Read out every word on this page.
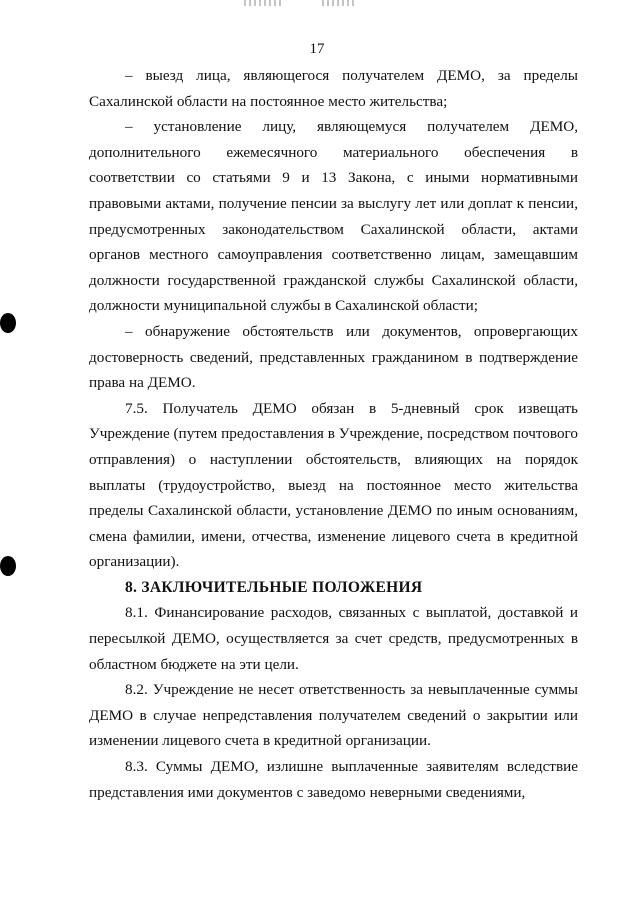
17

– выезд лица, являющегося получателем ДЕМО, за пределы Сахалинской области на постоянное место жительства;

– установление лицу, являющемуся получателем ДЕМО, дополнительного ежемесячного материального обеспечения в соответствии со статьями 9 и 13 Закона, с иными нормативными правовыми актами, получение пенсии за выслугу лет или доплат к пенсии, предусмотренных законодательством Сахалинской области, актами органов местного самоуправления соответственно лицам, замещавшим должности государственной гражданской службы Сахалинской области, должности муниципальной службы в Сахалинской области;

– обнаружение обстоятельств или документов, опровергающих достоверность сведений, представленных гражданином в подтверждение права на ДЕМО.

7.5. Получатель ДЕМО обязан в 5-дневный срок извещать Учреждение (путем предоставления в Учреждение, посредством почтового отправления) о наступлении обстоятельств, влияющих на порядок выплаты (трудоустройство, выезд на постоянное место жительства пределы Сахалинской области, установление ДЕМО по иным основаниям, смена фамилии, имени, отчества, изменение лицевого счета в кредитной организации).

8. ЗАКЛЮЧИТЕЛЬНЫЕ ПОЛОЖЕНИЯ

8.1. Финансирование расходов, связанных с выплатой, доставкой и пересылкой ДЕМО, осуществляется за счет средств, предусмотренных в областном бюджете на эти цели.

8.2. Учреждение не несет ответственность за невыплаченные суммы ДЕМО в случае непредставления получателем сведений о закрытии или изменении лицевого счета в кредитной организации.

8.3. Суммы ДЕМО, излишне выплаченные заявителям вследствие представления ими документов с заведомо неверными сведениями,
